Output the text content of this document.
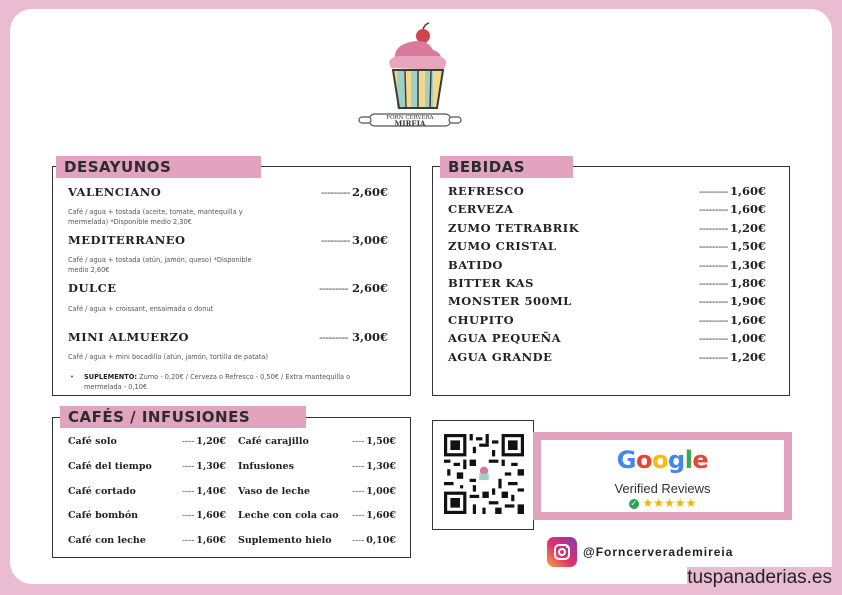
FORN CERVERA
MIREIA
DESAYUNOS
VALENCIANO	--------- 2,60€
Café / agua + tostada (aceite, tomate, mantequilla y mermelada) *Disponible medio 2,30€
MEDITERRANEO	--------- 3,00€
Café / agua + tostada (atún, jamón, queso) *Disponible medio 2,60€
DULCE	--------- 2,60€
Café / agua + croissant, ensaimada o donut
MINI ALMUERZO	--------- 3,00€
Café / agua + mini bocadillo (atún, jamón, tortilla de patata)
• SUPLEMENTO: Zumo - 0,20€ / Cerveza o Refresco - 0,50€ / Extra mantequilla o mermelada - 0,10€
BEBIDAS
REFRESCO	--------- 1,60€
CERVEZA	--------- 1,60€
ZUMO TETRABRIK	--------- 1,20€
ZUMO CRISTAL	--------- 1,50€
BATIDO	--------- 1,30€
BITTER KAS	--------- 1,80€
MONSTER 500ML	--------- 1,90€
CHUPITO	--------- 1,60€
AGUA PEQUEÑA	--------- 1,00€
AGUA GRANDE	--------- 1,20€
CAFÉS / INFUSIONES
Café solo	---- 1,20€
Café del tiempo	---- 1,30€
Café cortado	---- 1,40€
Café bombón	---- 1,60€
Café con leche	---- 1,60€
Café carajillo	---- 1,50€
Infusiones	---- 1,30€
Vaso de leche	---- 1,00€
Leche con cola cao ---- 1,60€
Suplemento hielo ---- 0,10€
Google
Verified Reviews
✓ ★★★★★
@Forncerverademireia
tuspanaderias.es
